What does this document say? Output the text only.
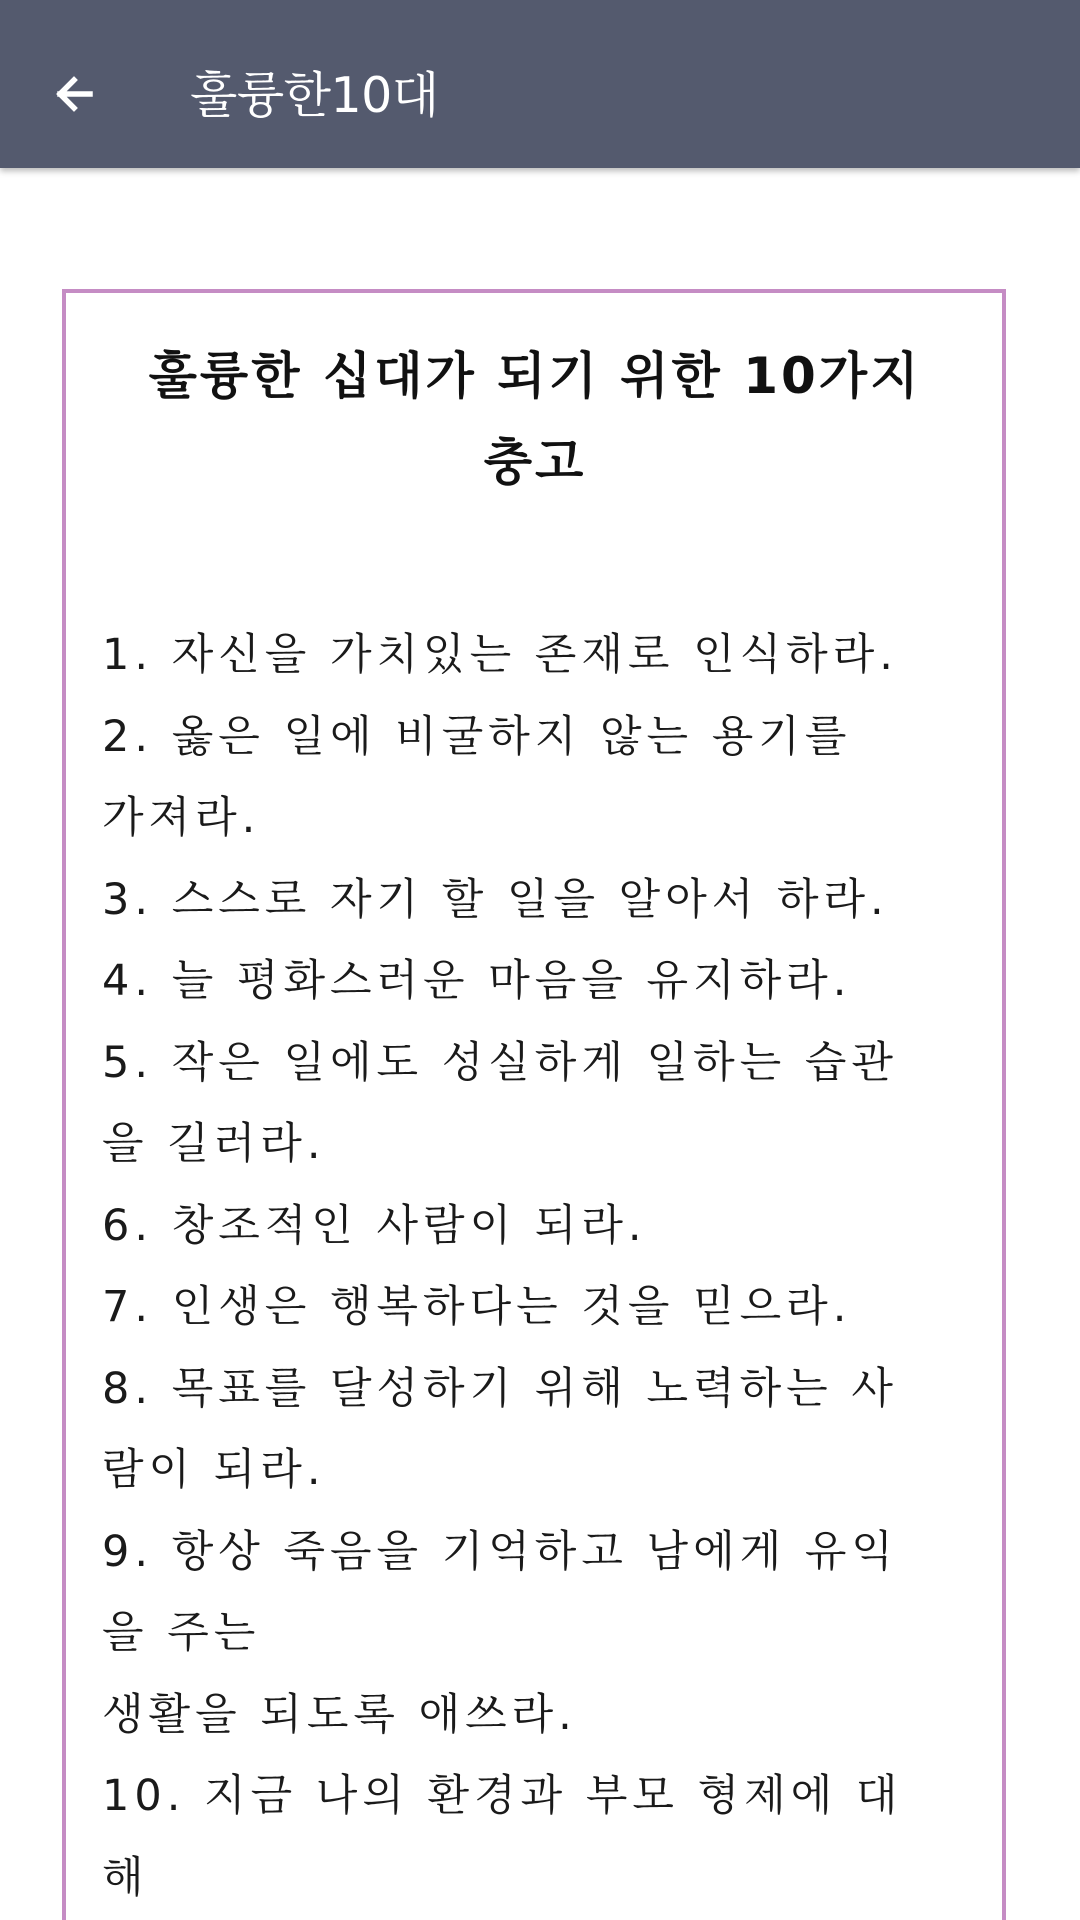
훌륭한10대
훌륭한 십대가 되기 위한 10가지
충고
1. 자신을 가치있는 존재로 인식하라.
2. 옳은 일에 비굴하지 않는 용기를
가져라.
3. 스스로 자기 할 일을 알아서 하라.
4. 늘 평화스러운 마음을 유지하라.
5. 작은 일에도 성실하게 일하는 습관
을 길러라.
6. 창조적인 사람이 되라.
7. 인생은 행복하다는 것을 믿으라.
8. 목표를 달성하기 위해 노력하는 사
람이 되라.
9. 항상 죽음을 기억하고 남에게 유익
을 주는
생활을 되도록 애쓰라.
10. 지금 나의 환경과 부모 형제에 대
해
